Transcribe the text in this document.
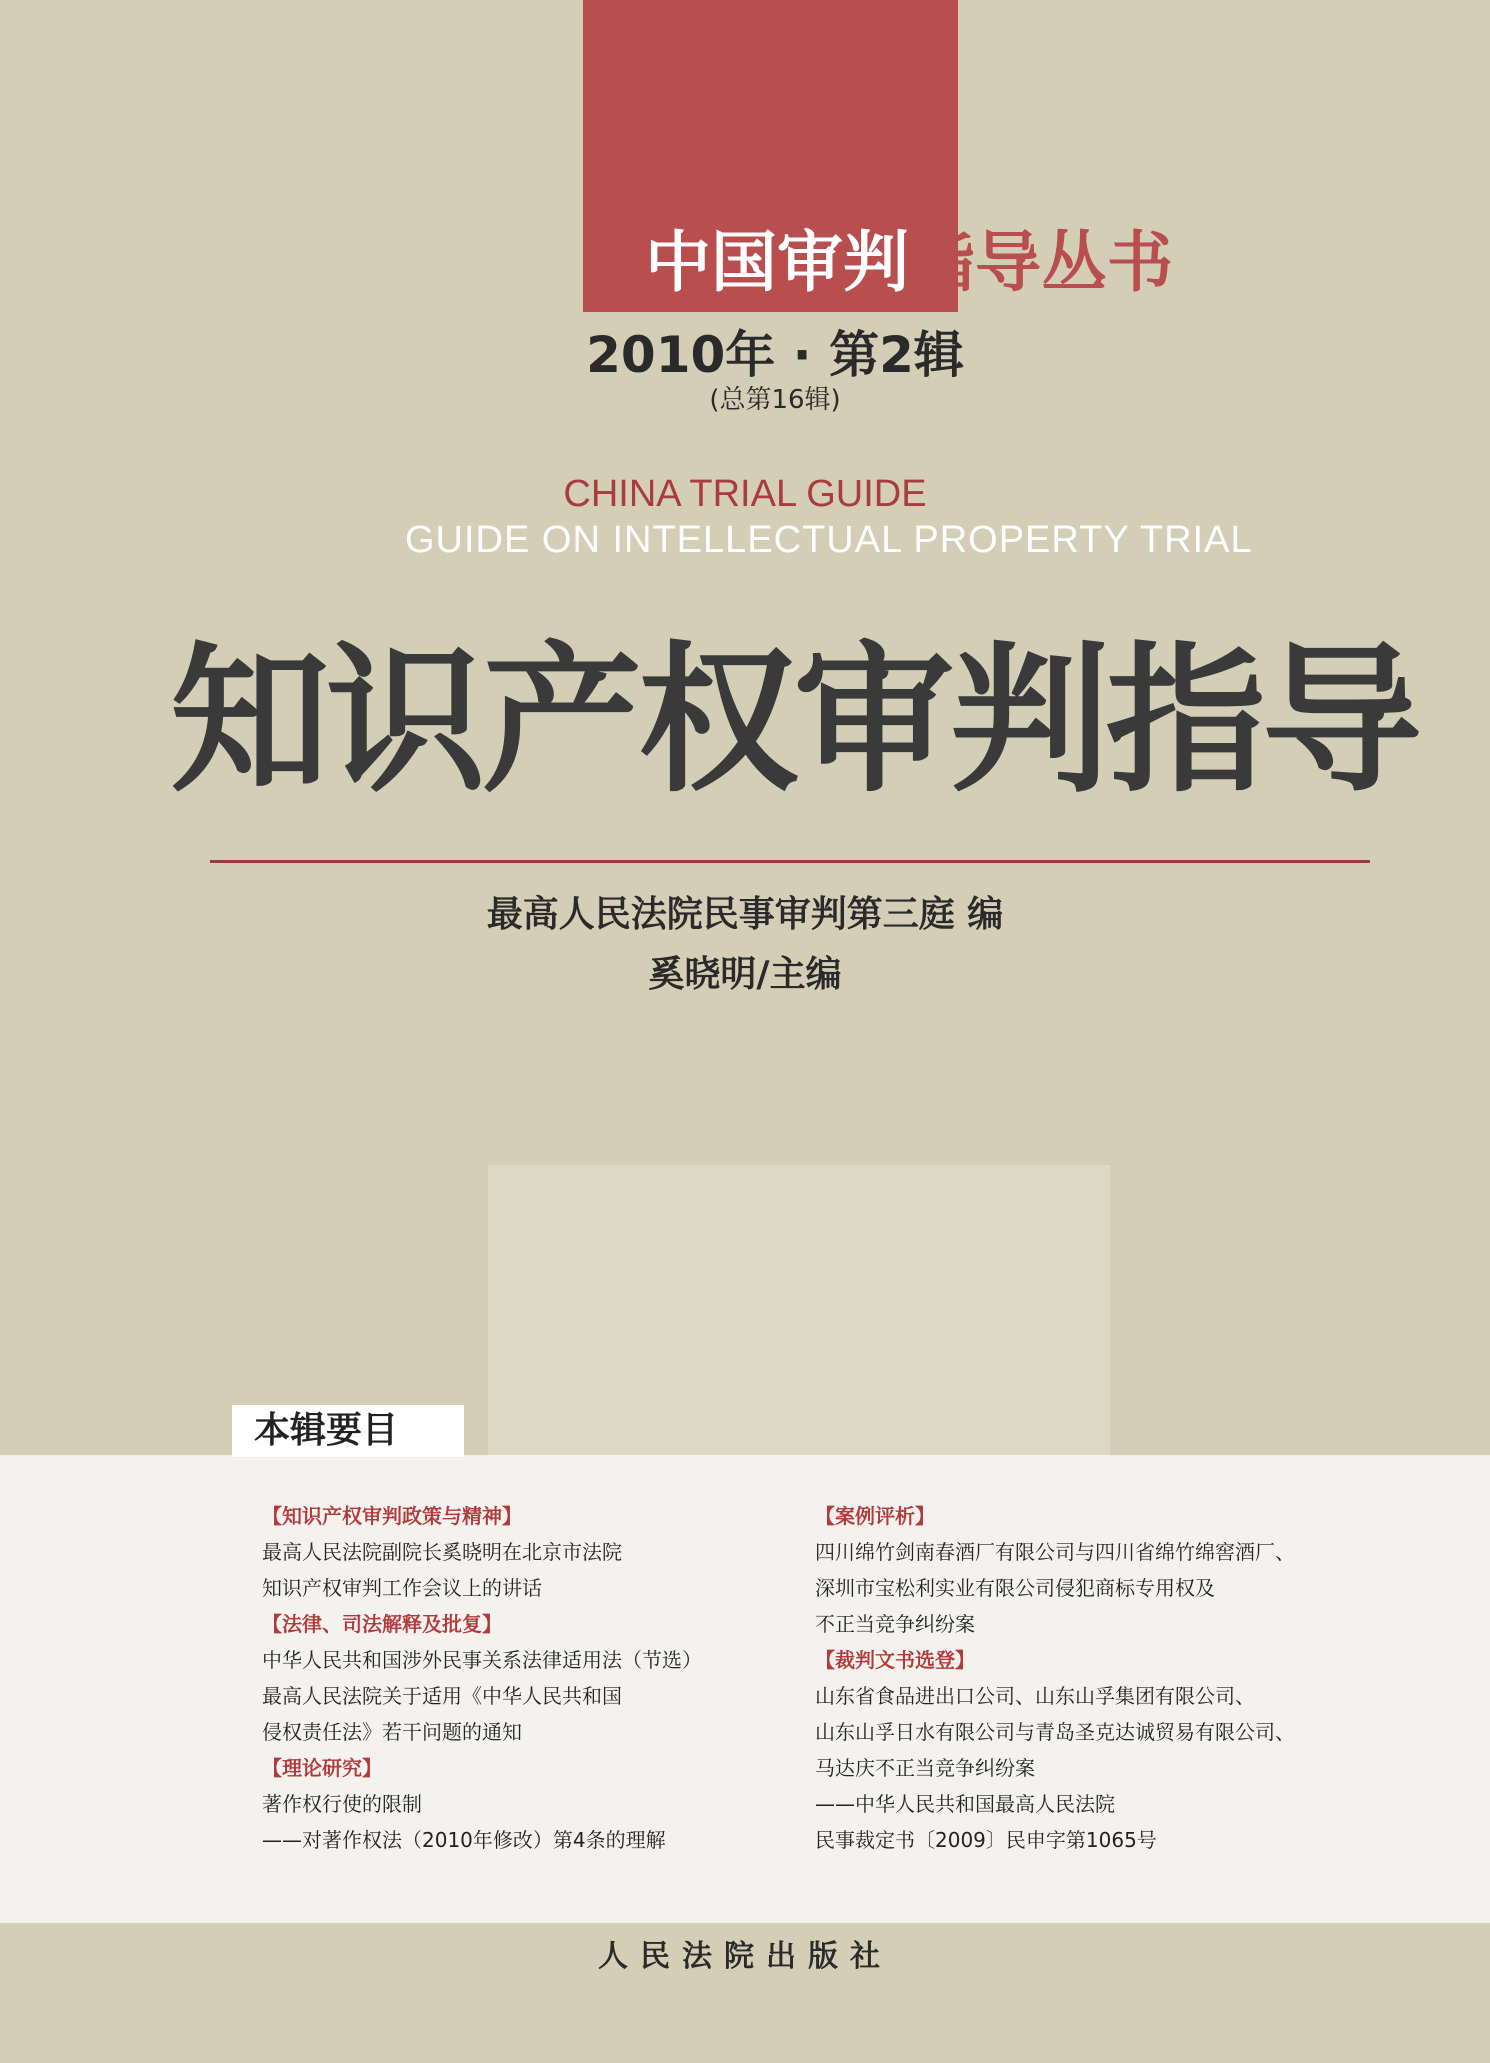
中国审判指导丛书
2010年 · 第2辑
(总第16辑)
CHINA TRIAL GUIDE
GUIDE ON INTELLECTUAL PROPERTY TRIAL
知识产权审判指导
最高人民法院民事审判第三庭 编
奚晓明/主编
本辑要目
【知识产权审判政策与精神】
最高人民法院副院长奚晓明在北京市法院
知识产权审判工作会议上的讲话
【法律、司法解释及批复】
中华人民共和国涉外民事关系法律适用法（节选）
最高人民法院关于适用《中华人民共和国
侵权责任法》若干问题的通知
【理论研究】
著作权行使的限制
——对著作权法（2010年修改）第4条的理解
【案例评析】
四川绵竹剑南春酒厂有限公司与四川省绵竹绵窖酒厂、
深圳市宝松利实业有限公司侵犯商标专用权及
不正当竞争纠纷案
【裁判文书选登】
山东省食品进出口公司、山东山孚集团有限公司、
山东山孚日水有限公司与青岛圣克达诚贸易有限公司、
马达庆不正当竞争纠纷案
——中华人民共和国最高人民法院
民事裁定书〔2009〕民申字第1065号
人民法院出版社
